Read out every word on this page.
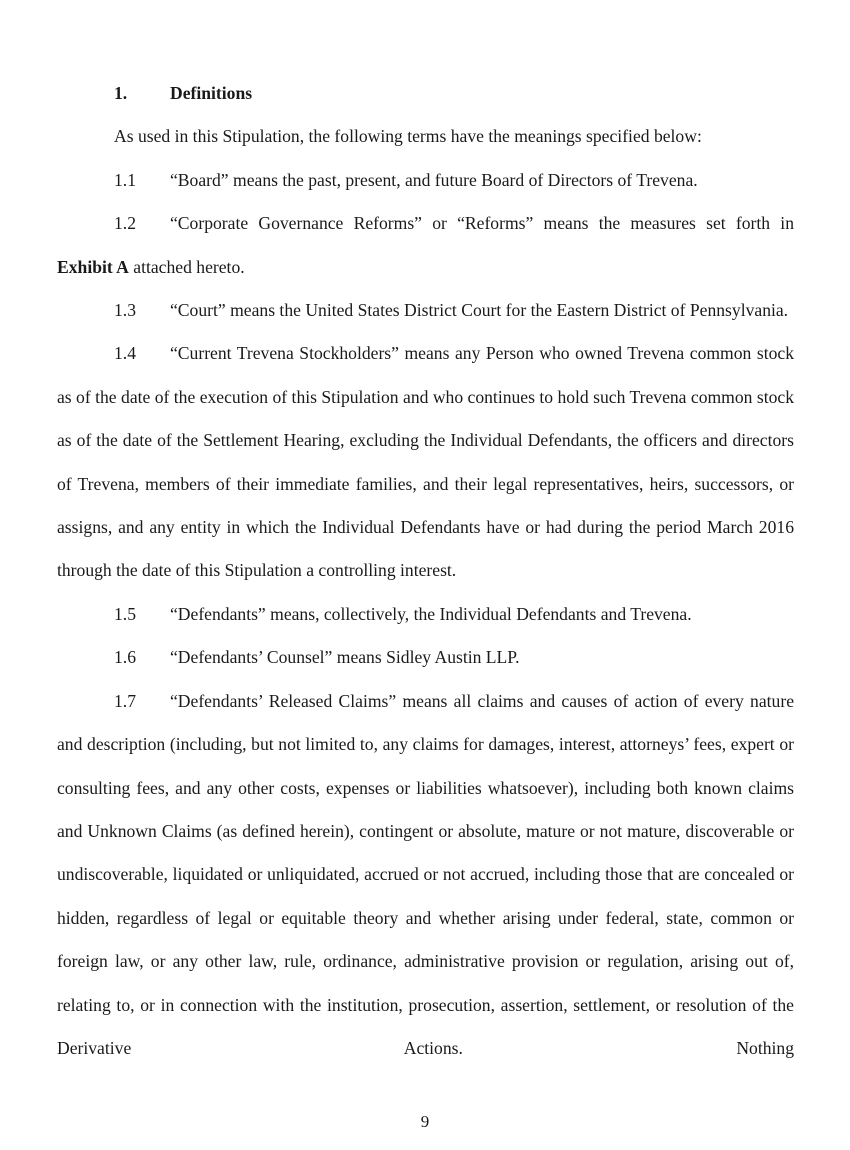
1. Definitions

As used in this Stipulation, the following terms have the meanings specified below:

1.1 “Board” means the past, present, and future Board of Directors of Trevena.

1.2 “Corporate Governance Reforms” or “Reforms” means the measures set forth in Exhibit A attached hereto.

1.3 “Court” means the United States District Court for the Eastern District of Pennsylvania.

1.4 “Current Trevena Stockholders” means any Person who owned Trevena common stock as of the date of the execution of this Stipulation and who continues to hold such Trevena common stock as of the date of the Settlement Hearing, excluding the Individual Defendants, the officers and directors of Trevena, members of their immediate families, and their legal representatives, heirs, successors, or assigns, and any entity in which the Individual Defendants have or had during the period March 2016 through the date of this Stipulation a controlling interest.

1.5 “Defendants” means, collectively, the Individual Defendants and Trevena.

1.6 “Defendants’ Counsel” means Sidley Austin LLP.

1.7 “Defendants’ Released Claims” means all claims and causes of action of every nature and description (including, but not limited to, any claims for damages, interest, attorneys’ fees, expert or consulting fees, and any other costs, expenses or liabilities whatsoever), including both known claims and Unknown Claims (as defined herein), contingent or absolute, mature or not mature, discoverable or undiscoverable, liquidated or unliquidated, accrued or not accrued, including those that are concealed or hidden, regardless of legal or equitable theory and whether arising under federal, state, common or foreign law, or any other law, rule, ordinance, administrative provision or regulation, arising out of, relating to, or in connection with the institution, prosecution, assertion, settlement, or resolution of the Derivative Actions. Nothing

9
